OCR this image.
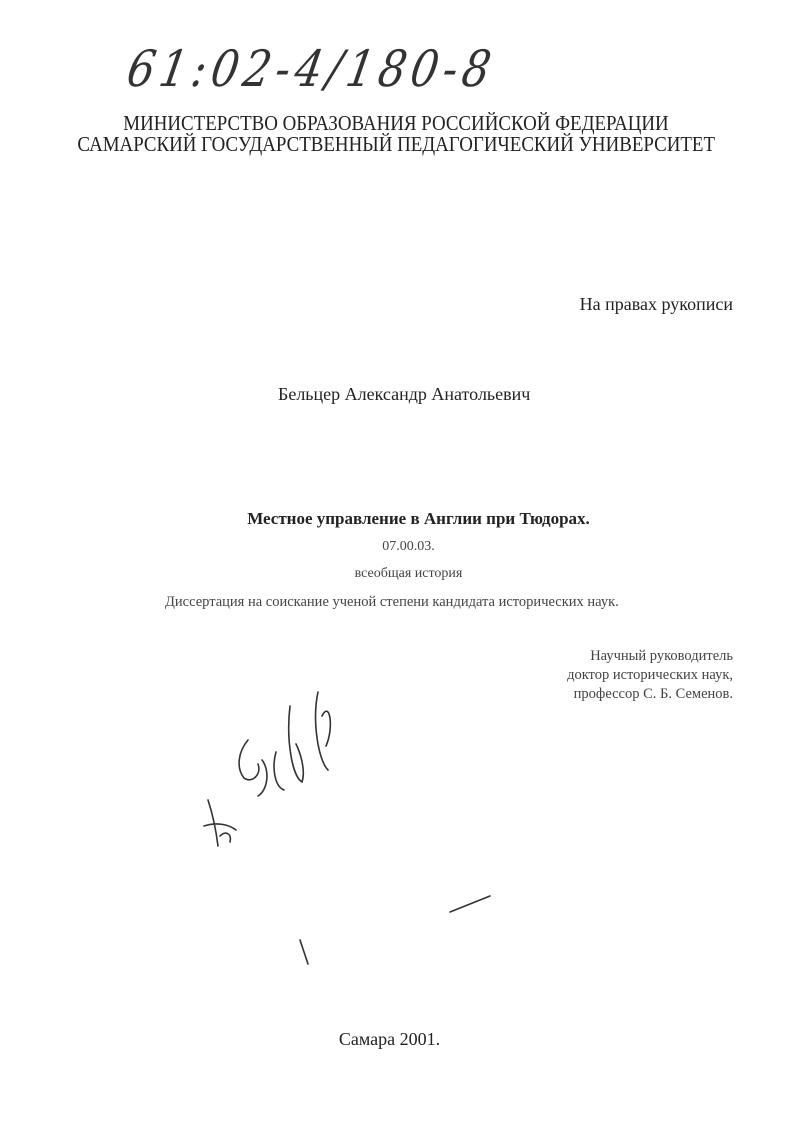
61:02-4/180-8
МИНИСТЕРСТВО ОБРАЗОВАНИЯ РОССИЙСКОЙ ФЕДЕРАЦИИ
САМАРСКИЙ ГОСУДАРСТВЕННЫЙ ПЕДАГОГИЧЕСКИЙ УНИВЕРСИТЕТ
На правах рукописи
Бельцер Александр Анатольевич
Местное управление в Англии при Тюдорах.
07.00.03.
всеобщая история
Диссертация на соискание ученой степени кандидата исторических наук.
Научный руководитель
доктор исторических наук,
профессор С. Б. Семенов.
Самара 2001.
